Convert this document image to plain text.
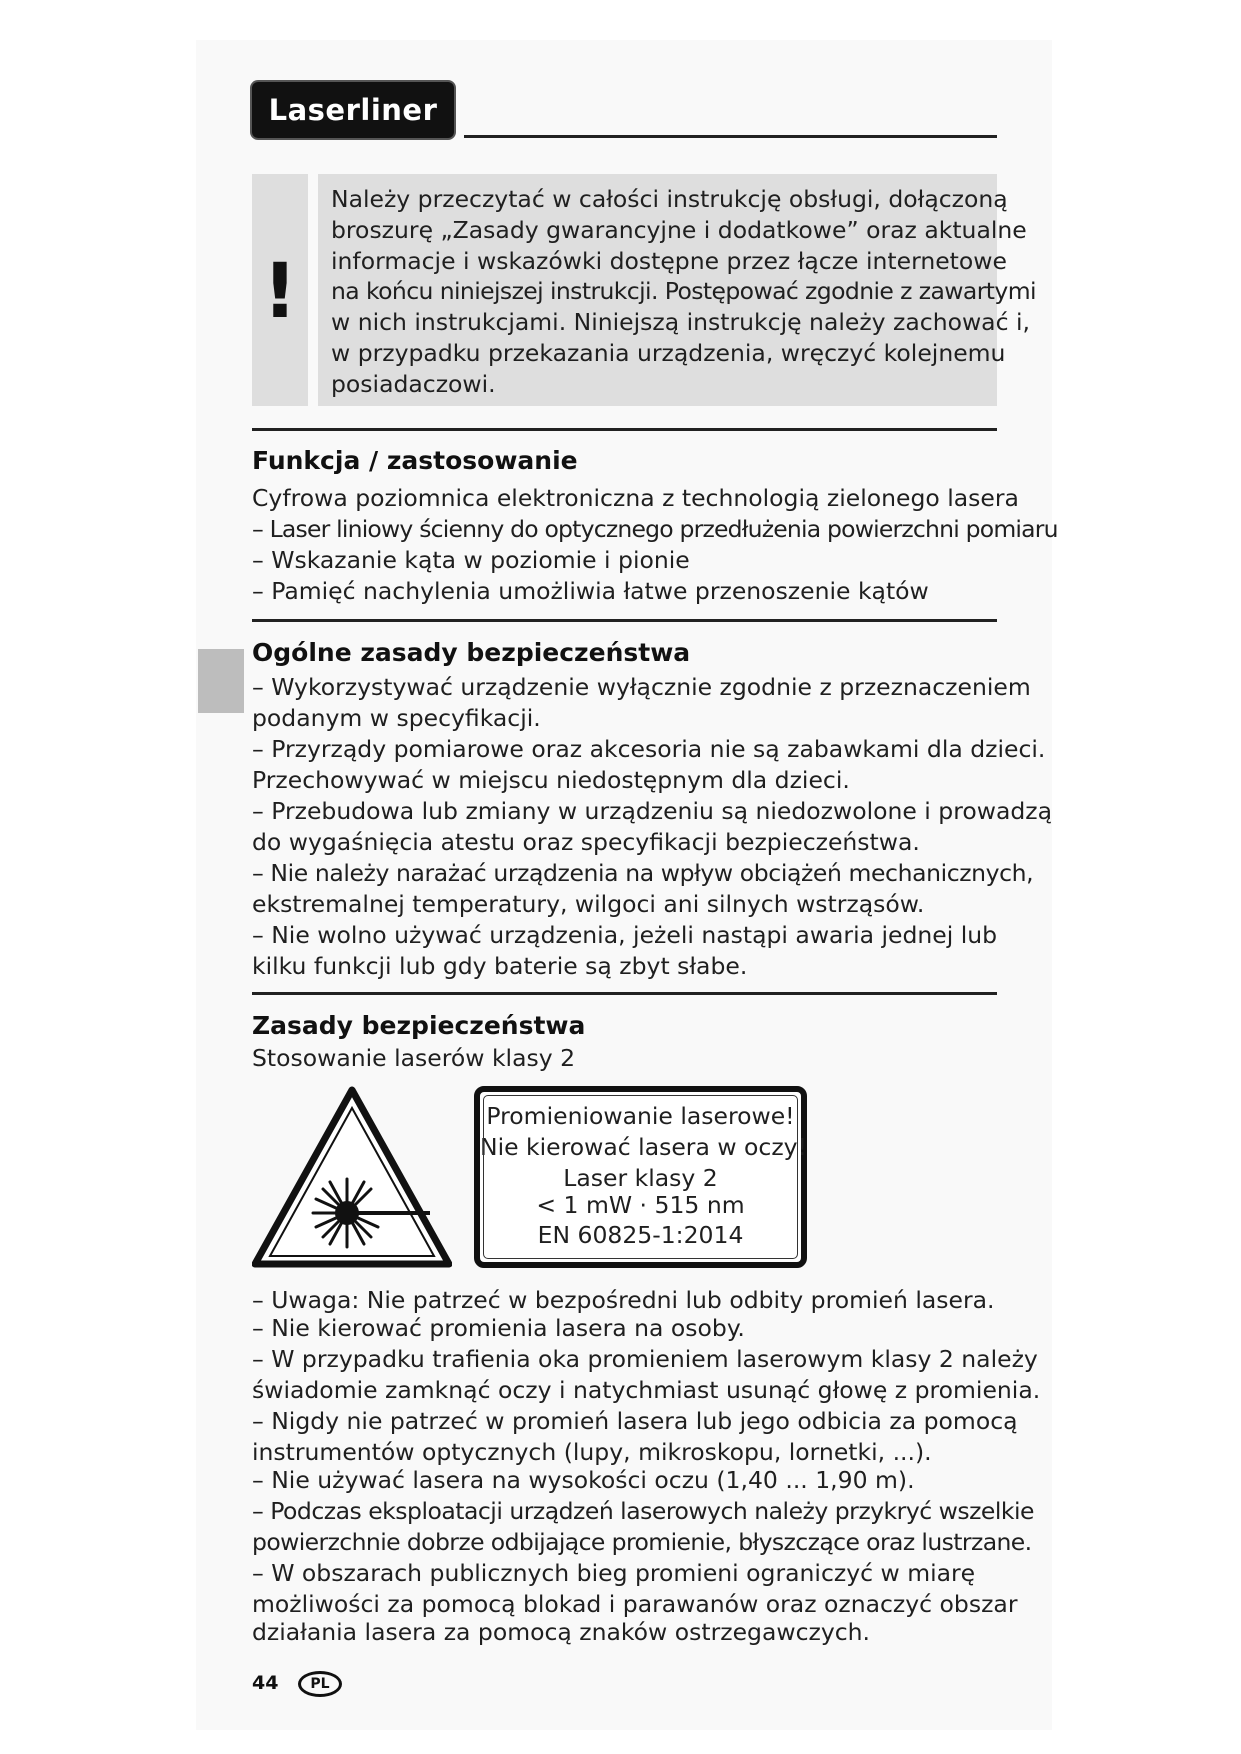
Laserliner
!
Należy przeczytać w całości instrukcję obsługi, dołączoną
broszurę „Zasady gwarancyjne i dodatkowe” oraz aktualne
informacje i wskazówki dostępne przez łącze internetowe
na końcu niniejszej instrukcji. Postępować zgodnie z zawartymi
w nich instrukcjami. Niniejszą instrukcję należy zachować i,
w przypadku przekazania urządzenia, wręczyć kolejnemu
posiadaczowi.
Funkcja / zastosowanie
Cyfrowa poziomnica elektroniczna z technologią zielonego lasera
– Laser liniowy ścienny do optycznego przedłużenia powierzchni pomiaru
– Wskazanie kąta w poziomie i pionie
– Pamięć nachylenia umożliwia łatwe przenoszenie kątów
Ogólne zasady bezpieczeństwa
– Wykorzystywać urządzenie wyłącznie zgodnie z przeznaczeniem
podanym w specyfikacji.
– Przyrządy pomiarowe oraz akcesoria nie są zabawkami dla dzieci.
Przechowywać w miejscu niedostępnym dla dzieci.
– Przebudowa lub zmiany w urządzeniu są niedozwolone i prowadzą
do wygaśnięcia atestu oraz specyfikacji bezpieczeństwa.
– Nie należy narażać urządzenia na wpływ obciążeń mechanicznych,
ekstremalnej temperatury, wilgoci ani silnych wstrząsów.
– Nie wolno używać urządzenia, jeżeli nastąpi awaria jednej lub
kilku funkcji lub gdy baterie są zbyt słabe.
Zasady bezpieczeństwa
Stosowanie laserów klasy 2
Promieniowanie laserowe!
Nie kierować lasera w oczy!
Laser klasy 2
< 1 mW · 515 nm
EN 60825-1:2014
– Uwaga: Nie patrzeć w bezpośredni lub odbity promień lasera.
– Nie kierować promienia lasera na osoby.
– W przypadku trafienia oka promieniem laserowym klasy 2 należy
świadomie zamknąć oczy i natychmiast usunąć głowę z promienia.
– Nigdy nie patrzeć w promień lasera lub jego odbicia za pomocą
instrumentów optycznych (lupy, mikroskopu, lornetki, ...).
– Nie używać lasera na wysokości oczu (1,40 ... 1,90 m).
– Podczas eksploatacji urządzeń laserowych należy przykryć wszelkie
powierzchnie dobrze odbijające promienie, błyszczące oraz lustrzane.
– W obszarach publicznych bieg promieni ograniczyć w miarę
możliwości za pomocą blokad i parawanów oraz oznaczyć obszar
działania lasera za pomocą znaków ostrzegawczych.
44	PL
